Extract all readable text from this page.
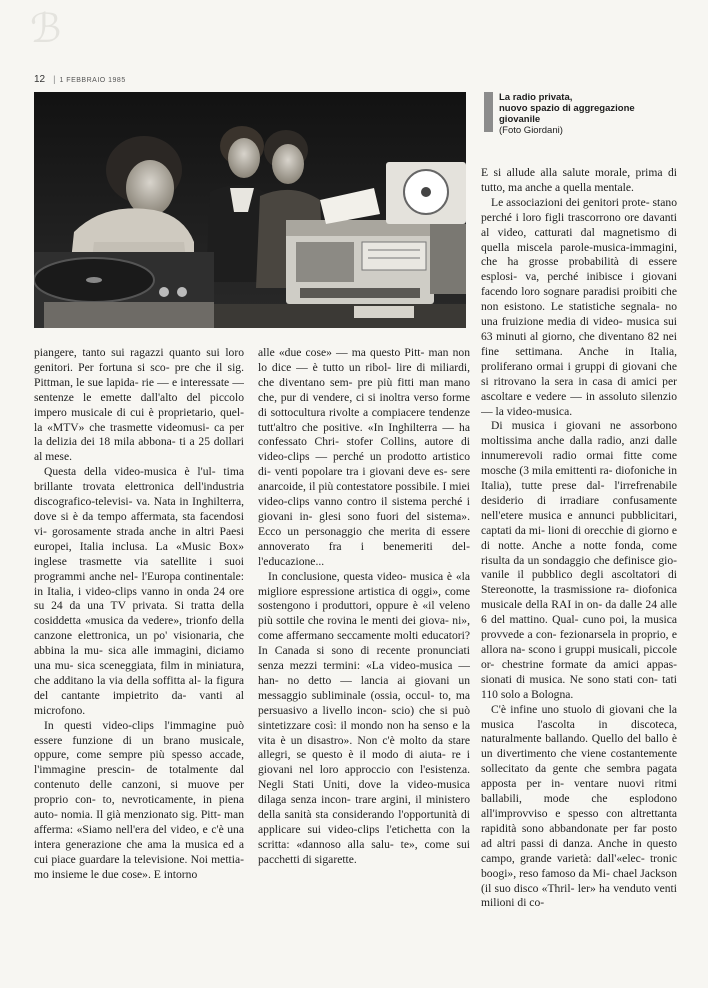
ℬ
12 | 1 FEBBRAIO 1985
La radio privata,
nuovo spazio di aggregazione
giovanile
(Foto Giordani)

piangere, tanto sui ragazzi quanto sui loro genitori. Per fortuna si sco- pre che il sig. Pittman, le sue lapida- rie — e interessate — sentenze le emette dall'alto del piccolo impero musicale di cui è proprietario, quel- la «MTV» che trasmette videomusi- ca per la delizia dei 18 mila abbona- ti a 25 dollari al mese.

Questa della video-musica è l'ul- tima brillante trovata elettronica dell'industria discografico-televisi- va. Nata in Inghilterra, dove si è da tempo affermata, sta facendosi vi- gorosamente strada anche in altri Paesi europei, Italia inclusa. La «Music Box» inglese trasmette via satellite i suoi programmi anche nel- l'Europa continentale: in Italia, i video-clips vanno in onda 24 ore su 24 da una TV privata. Si tratta della cosiddetta «musica da vedere», trionfo della canzone elettronica, un po' visionaria, che abbina la mu- sica alle immagini, diciamo una mu- sica sceneggiata, film in miniatura, che additano la via della soffitta al- la figura del cantante impietrito da- vanti al microfono.

In questi video-clips l'immagine può essere funzione di un brano musicale, oppure, come sempre più spesso accade, l'immagine prescin- de totalmente dal contenuto delle canzoni, si muove per proprio con- to, nevroticamente, in piena auto- nomia. Il già menzionato sig. Pitt- man afferma: «Siamo nell'era del video, e c'è una intera generazione che ama la musica ed a cui piace guardare la televisione. Noi mettia- mo insieme le due cose». E intorno

alle «due cose» — ma questo Pitt- man non lo dice — è tutto un ribol- lire di miliardi, che diventano sem- pre più fitti man mano che, pur di vendere, ci si inoltra verso forme di sottocultura rivolte a compiacere tendenze tutt'altro che positive. «In Inghilterra — ha confessato Chri- stofer Collins, autore di video-clips — perché un prodotto artistico di- venti popolare tra i giovani deve es- sere anarcoide, il più contestatore possibile. I miei video-clips vanno contro il sistema perché i giovani in- glesi sono fuori del sistema». Ecco un personaggio che merita di essere annoverato fra i benemeriti del- l'educazione...

In conclusione, questa video- musica è «la migliore espressione artistica di oggi», come sostengono i produttori, oppure è «il veleno più sottile che rovina le menti dei giova- ni», come affermano seccamente molti educatori? In Canada si sono di recente pronunciati senza mezzi termini: «La video-musica — han- no detto — lancia ai giovani un messaggio subliminale (ossia, occul- to, ma persuasivo a livello incon- scio) che si può sintetizzare così: il mondo non ha senso e la vita è un disastro». Non c'è molto da stare allegri, se questo è il modo di aiuta- re i giovani nel loro approccio con l'esistenza. Negli Stati Uniti, dove la video-musica dilaga senza incon- trare argini, il ministero della sanità sta considerando l'opportunità di applicare sui video-clips l'etichetta con la scritta: «dannoso alla salu- te», come sui pacchetti di sigarette.

E si allude alla salute morale, prima di tutto, ma anche a quella mentale.

Le associazioni dei genitori prote- stano perché i loro figli trascorrono ore davanti al video, catturati dal magnetismo di quella miscela parole-musica-immagini, che ha grosse probabilità di essere esplosi- va, perché inibisce i giovani facendo loro sognare paradisi proibiti che non esistono. Le statistiche segnala- no una fruizione media di video- musica sui 63 minuti al giorno, che diventano 82 nei fine settimana. Anche in Italia, proliferano ormai i gruppi di giovani che si ritrovano la sera in casa di amici per ascoltare e vedere — in assoluto silenzio — la video-musica.

Di musica i giovani ne assorbono moltissima anche dalla radio, anzi dalle innumerevoli radio ormai fitte come mosche (3 mila emittenti ra- diofoniche in Italia), tutte prese dal- l'irrefrenabile desiderio di irradiare confusamente nell'etere musica e annunci pubblicitari, captati da mi- lioni di orecchie di giorno e di notte. Anche a notte fonda, come risulta da un sondaggio che definisce gio- vanile il pubblico degli ascoltatori di Stereonotte, la trasmissione ra- diofonica musicale della RAI in on- da dalle 24 alle 6 del mattino. Qual- cuno poi, la musica provvede a con- fezionarsela in proprio, e allora na- scono i gruppi musicali, piccole or- chestrine formate da amici appas- sionati di musica. Ne sono stati con- tati 110 solo a Bologna.

C'è infine uno stuolo di giovani che la musica l'ascolta in discoteca, naturalmente ballando. Quello del ballo è un divertimento che viene costantemente sollecitato da gente che sembra pagata apposta per in- ventare nuovi ritmi ballabili, mode che esplodono all'improvviso e spesso con altrettanta rapidità sono abbandonate per far posto ad altri passi di danza. Anche in questo campo, grande varietà: dall'«elec- tronic boogi», reso famoso da Mi- chael Jackson (il suo disco «Thril- ler» ha venduto venti milioni di co-
